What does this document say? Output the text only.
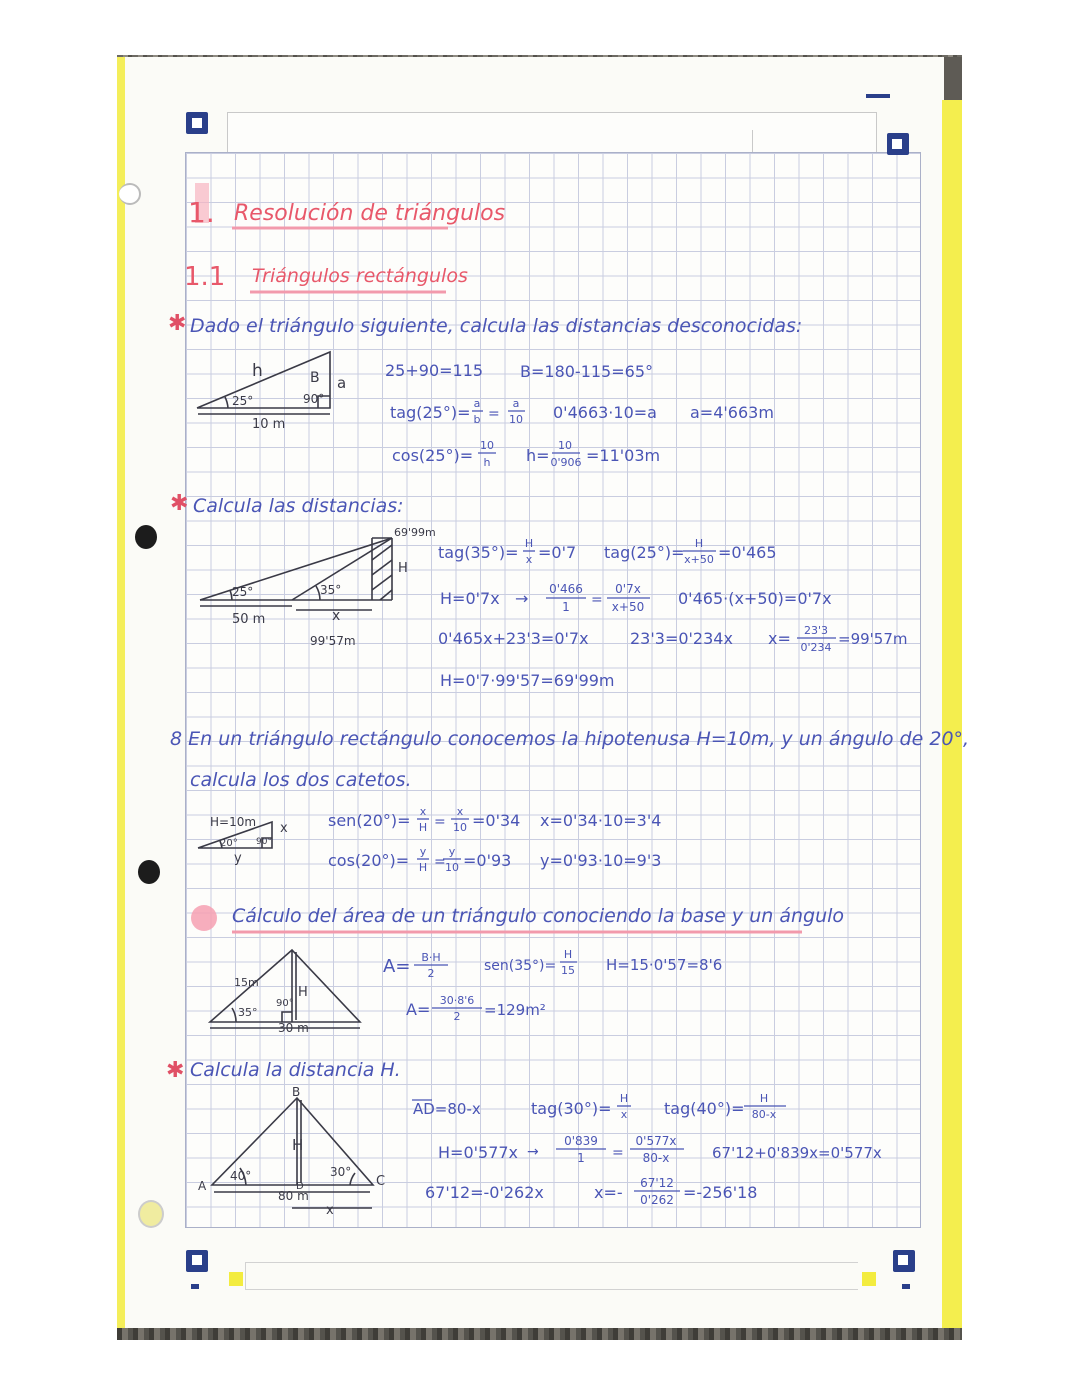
1. Resolución de triángulos
1.1 Triángulos rectángulos
✱ Dado el triángulo siguiente, calcula las distancias desconocidas:
h	B a
25°	90°
10 m
25+90=115 B=180-115=65°
tag(25°)= a
b =
a
10 0'4663·10=a a=4'663m
cos(25°)=
10
h h=
10
0'906 =11'03m
✱ Calcula las distancias:
25°	35°
50 m	x
99'57m
69'99m
H
tag(35°)= H
x =0'7 tag(25°)= H
x+50 =0'465
H=0'7x → 0'466
1 =
0'7x
x+50 0'465·(x+50)=0'7x
0'465x+23'3=0'7x	23'3=0'234x x= 23'3
0'234 =99'57m
H=0'7·99'57=69'99m
8 En un triángulo rectángulo conocemos la hipotenusa H=10m, y un ángulo de 20°,
calcula los dos catetos.
H=10m
20° 90°
x
y
sen(20°)= x
H =
x
10 =0'34 x=0'34·10=3'4
cos(20°)= y
H =
y
10 =0'93 y=0'93·10=9'3
Cálculo del área de un triángulo conociendo la base y un ángulo
15m
35°
90°
H
30 m
A= B·H
2	sen(35°)=
H
15 H=15·0'57=8'6
A= 30·8'6
2 =129m²
✱ Calcula la distancia H.
B
A	C
D
H
40°	30°
80 m
x
AD=80-x	tag(30°)=
H
x tag(40°)=
H
80-x
H=0'577x →
0'839
1 =
0'577x
80-x	67'12+0'839x=0'577x
67'12=-0'262x	x=- 67'12
0'262 =-256'18
